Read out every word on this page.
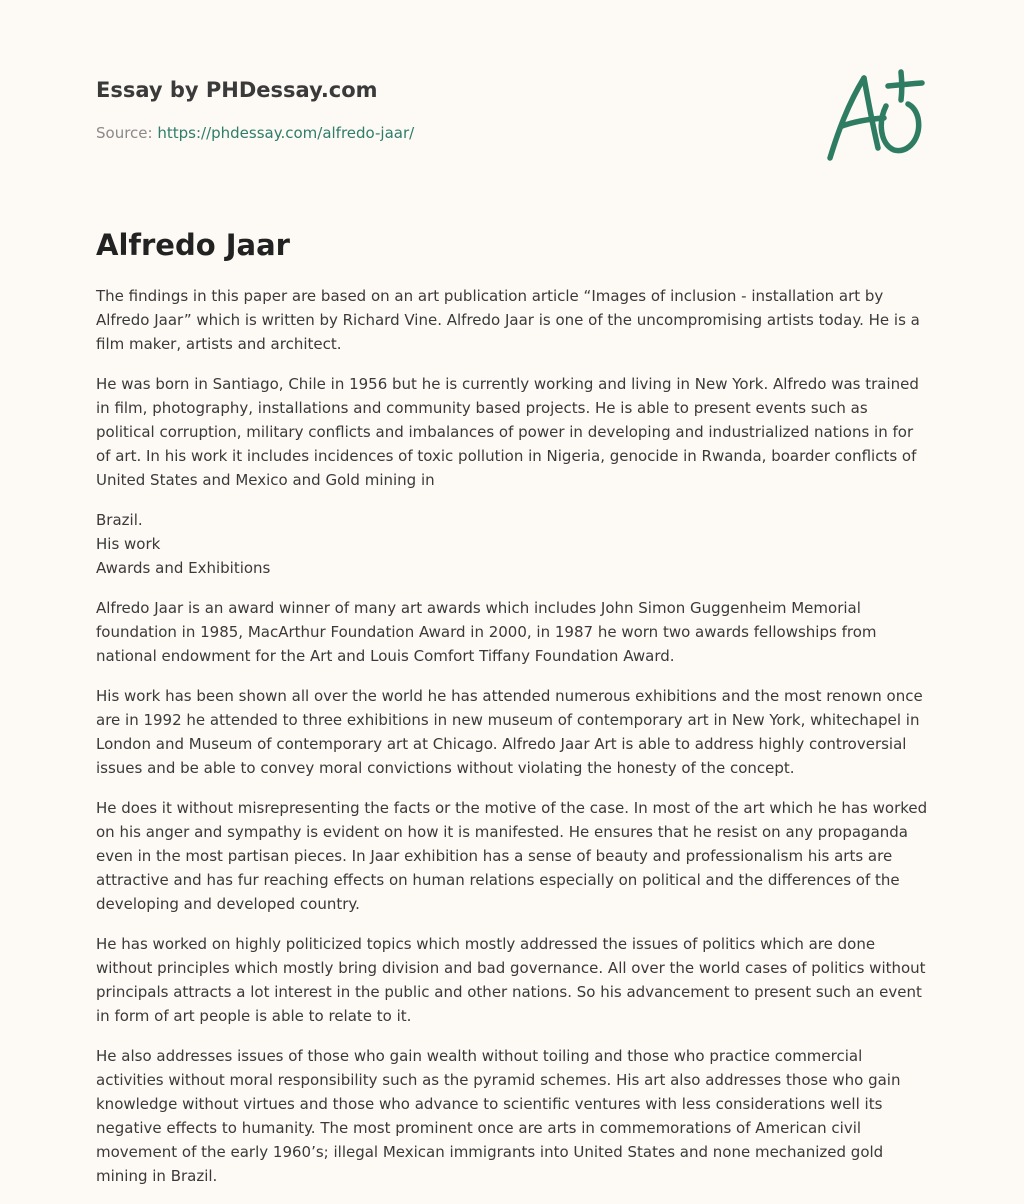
Essay by PHDessay.com
Source: https://phdessay.com/alfredo-jaar/
Alfredo Jaar

The findings in this paper are based on an art publication article “Images of inclusion - installation art by Alfredo Jaar” which is written by Richard Vine. Alfredo Jaar is one of the uncompromising artists today. He is a film maker, artists and architect.

He was born in Santiago, Chile in 1956 but he is currently working and living in New York. Alfredo was trained in film, photography, installations and community based projects. He is able to present events such as political corruption, military conflicts and imbalances of power in developing and industrialized nations in for of art. In his work it includes incidences of toxic pollution in Nigeria, genocide in Rwanda, boarder conflicts of United States and Mexico and Gold mining in

Brazil.
His work
Awards and Exhibitions

Alfredo Jaar is an award winner of many art awards which includes John Simon Guggenheim Memorial foundation in 1985, MacArthur Foundation Award in 2000, in 1987 he worn two awards fellowships from national endowment for the Art and Louis Comfort Tiffany Foundation Award.

His work has been shown all over the world he has attended numerous exhibitions and the most renown once are in 1992 he attended to three exhibitions in new museum of contemporary art in New York, whitechapel in London and Museum of contemporary art at Chicago. Alfredo Jaar Art is able to address highly controversial issues and be able to convey moral convictions without violating the honesty of the concept.

He does it without misrepresenting the facts or the motive of the case. In most of the art which he has worked on his anger and sympathy is evident on how it is manifested. He ensures that he resist on any propaganda even in the most partisan pieces. In Jaar exhibition has a sense of beauty and professionalism his arts are attractive and has fur reaching effects on human relations especially on political and the differences of the developing and developed country.

He has worked on highly politicized topics which mostly addressed the issues of politics which are done without principles which mostly bring division and bad governance. All over the world cases of politics without principals attracts a lot interest in the public and other nations. So his advancement to present such an event in form of art people is able to relate to it.

He also addresses issues of those who gain wealth without toiling and those who practice commercial activities without moral responsibility such as the pyramid schemes. His art also addresses those who gain knowledge without virtues and those who advance to scientific ventures with less considerations well its negative effects to humanity. The most prominent once are arts in commemorations of American civil movement of the early 1960’s; illegal Mexican immigrants into United States and none mechanized gold mining in Brazil.
